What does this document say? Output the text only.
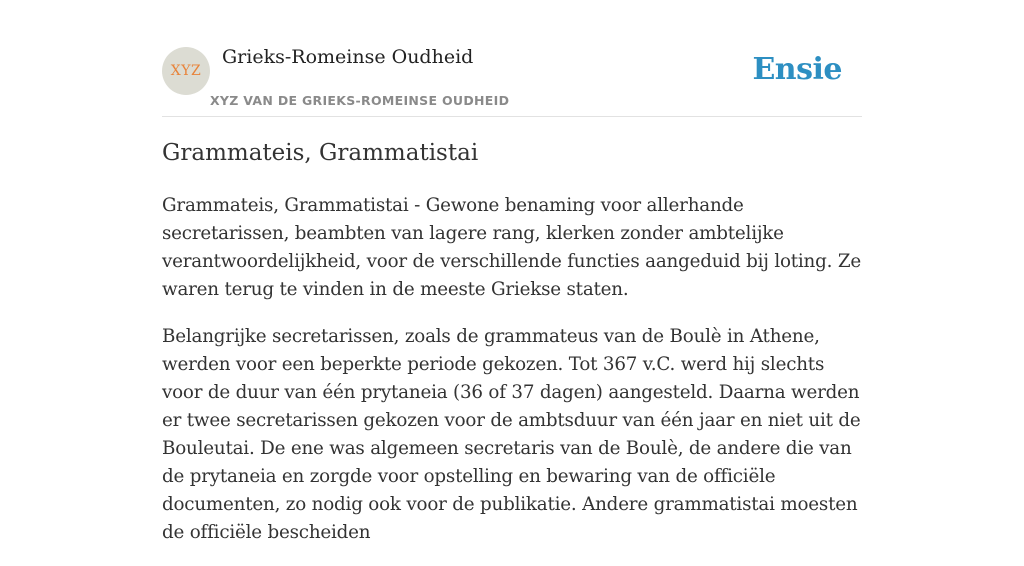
XYZ
Grieks-Romeinse Oudheid
XYZ VAN DE GRIEKS-ROMEINSE OUDHEID
Ensie
Grammateis, Grammatistai

Grammateis, Grammatistai - Gewone benaming voor allerhande secretarissen, beambten van lagere rang, klerken zonder ambtelijke verantwoordelijkheid, voor de verschillende functies aangeduid bij loting. Ze waren terug te vinden in de meeste Griekse staten.

Belangrijke secretarissen, zoals de grammateus van de Boulè in Athene, werden voor een beperkte periode gekozen. Tot 367 v.C. werd hij slechts voor de duur van één prytaneia (36 of 37 dagen) aangesteld. Daarna werden er twee secretarissen gekozen voor de ambtsduur van één jaar en niet uit de Bouleutai. De ene was algemeen secretaris van de Boulè, de andere die van de prytaneia en zorgde voor opstelling en bewaring van de officiële documenten, zo nodig ook voor de publikatie. Andere grammatistai moesten de officiële bescheiden
